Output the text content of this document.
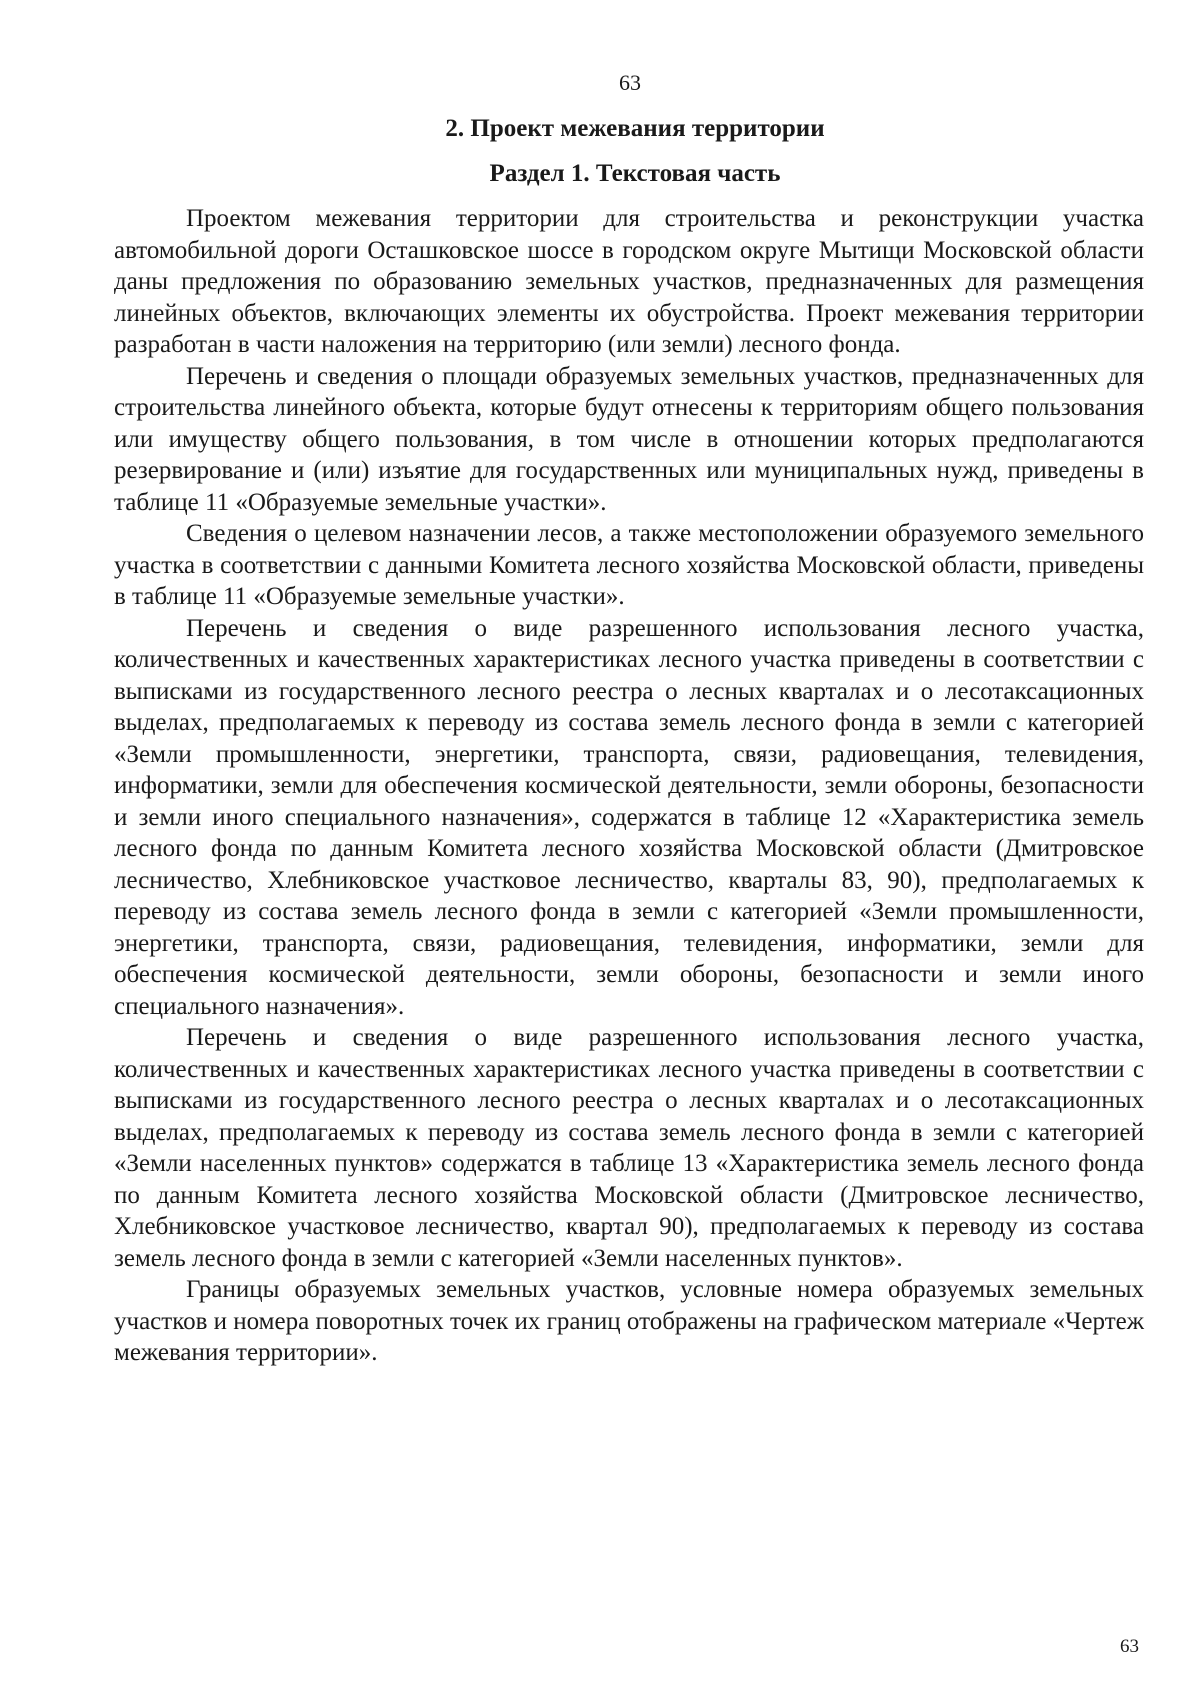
63
2. Проект межевания территории
Раздел 1. Текстовая часть

Проектом межевания территории для строительства и реконструкции участка автомобильной дороги Осташковское шоссе в городском округе Мытищи Московской области даны предложения по образованию земельных участков, предназначенных для размещения линейных объектов, включающих элементы их обустройства. Проект межевания территории разработан в части наложения на территорию (или земли) лесного фонда.

Перечень и сведения о площади образуемых земельных участков, предназначенных для строительства линейного объекта, которые будут отнесены к территориям общего пользования или имуществу общего пользования, в том числе в отношении которых предполагаются резервирование и (или) изъятие для государственных или муниципальных нужд, приведены в таблице 11 «Образуемые земельные участки».

Сведения о целевом назначении лесов, а также местоположении образуемого земельного участка в соответствии с данными Комитета лесного хозяйства Московской области, приведены в таблице 11 «Образуемые земельные участки».

Перечень и сведения о виде разрешенного использования лесного участка, количественных и качественных характеристиках лесного участка приведены в соответствии с выписками из государственного лесного реестра о лесных кварталах и о лесотаксационных выделах, предполагаемых к переводу из состава земель лесного фонда в земли с категорией «Земли промышленности, энергетики, транспорта, связи, радиовещания, телевидения, информатики, земли для обеспечения космической деятельности, земли обороны, безопасности и земли иного специального назначения», содержатся в таблице 12 «Характеристика земель лесного фонда по данным Комитета лесного хозяйства Московской области (Дмитровское лесничество, Хлебниковское участковое лесничество, кварталы 83, 90), предполагаемых к переводу из состава земель лесного фонда в земли с категорией «Земли промышленности, энергетики, транспорта, связи, радиовещания, телевидения, информатики, земли для обеспечения космической деятельности, земли обороны, безопасности и земли иного специального назначения».

Перечень и сведения о виде разрешенного использования лесного участка, количественных и качественных характеристиках лесного участка приведены в соответствии с выписками из государственного лесного реестра о лесных кварталах и о лесотаксационных выделах, предполагаемых к переводу из состава земель лесного фонда в земли с категорией «Земли населенных пунктов» содержатся в таблице 13 «Характеристика земель лесного фонда по данным Комитета лесного хозяйства Московской области (Дмитровское лесничество, Хлебниковское участковое лесничество, квартал 90), предполагаемых к переводу из состава земель лесного фонда в земли с категорией «Земли населенных пунктов».

Границы образуемых земельных участков, условные номера образуемых земельных участков и номера поворотных точек их границ отображены на графическом материале «Чертеж межевания территории».

63
